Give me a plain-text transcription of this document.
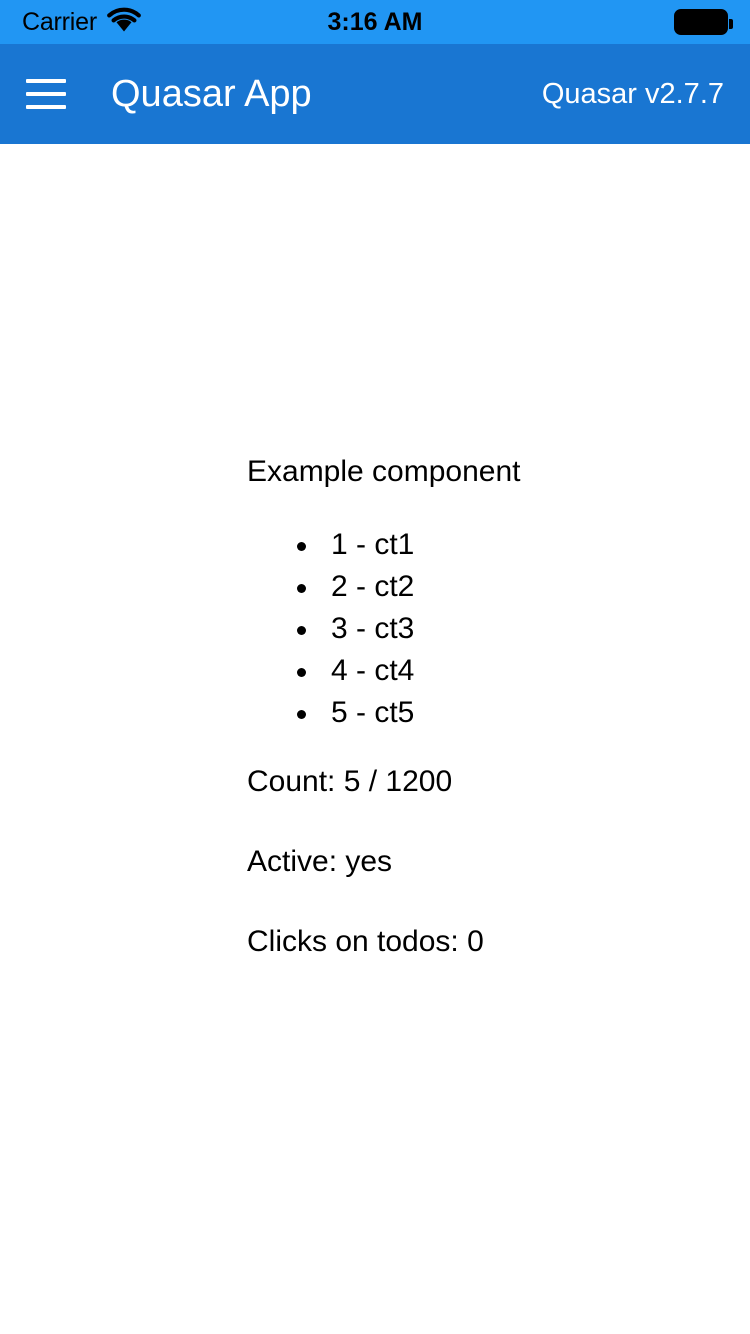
Carrier	3:16 AM
Quasar App	Quasar v2.7.7
Example component
1 - ct1
2 - ct2
3 - ct3
4 - ct4
5 - ct5
Count: 5 / 1200
Active: yes
Clicks on todos: 0
